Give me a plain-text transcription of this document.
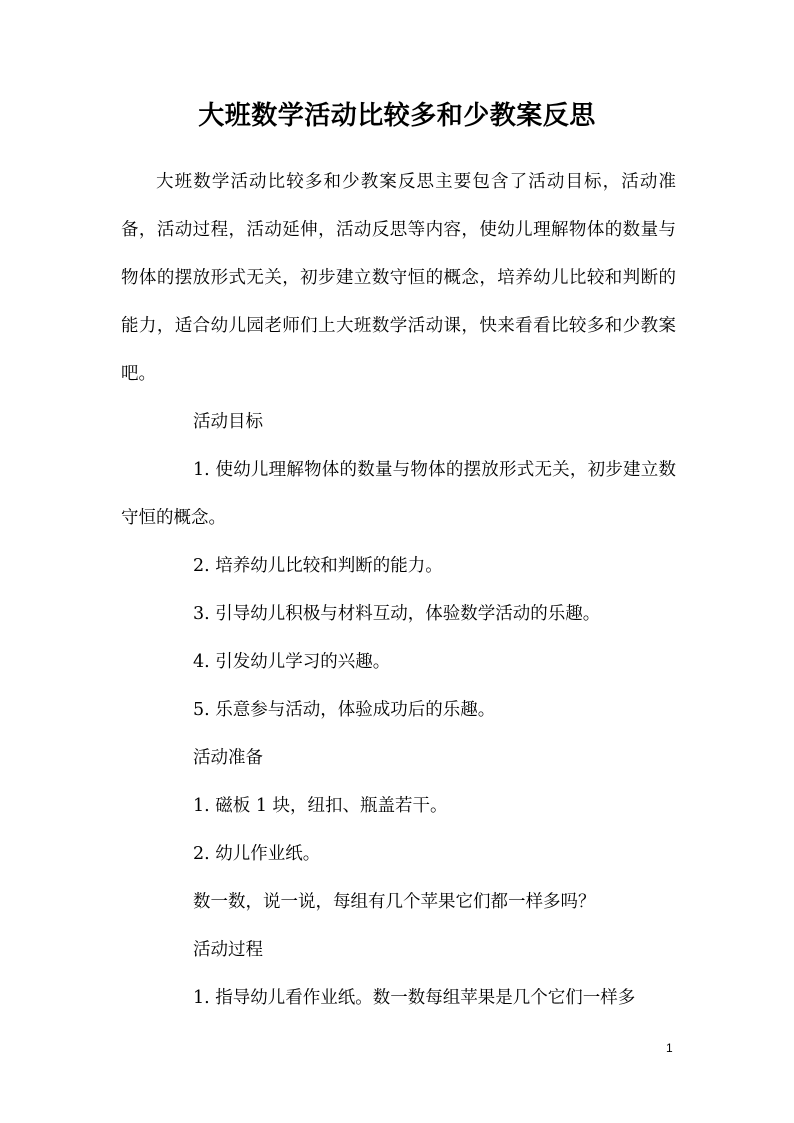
大班数学活动比较多和少教案反思
大班数学活动比较多和少教案反思主要包含了活动目标，活动准备，活动过程，活动延伸，活动反思等内容，使幼儿理解物体的数量与物体的摆放形式无关，初步建立数守恒的概念，培养幼儿比较和判断的能力，适合幼儿园老师们上大班数学活动课，快来看看比较多和少教案吧。

活动目标

1. 使幼儿理解物体的数量与物体的摆放形式无关，初步建立数守恒的概念。

2. 培养幼儿比较和判断的能力。

3. 引导幼儿积极与材料互动，体验数学活动的乐趣。

4. 引发幼儿学习的兴趣。

5. 乐意参与活动，体验成功后的乐趣。

活动准备

1. 磁板 1 块，纽扣、瓶盖若干。

2. 幼儿作业纸。

数一数，说一说，每组有几个苹果它们都一样多吗？

活动过程

1. 指导幼儿看作业纸。数一数每组苹果是几个它们一样多

1
